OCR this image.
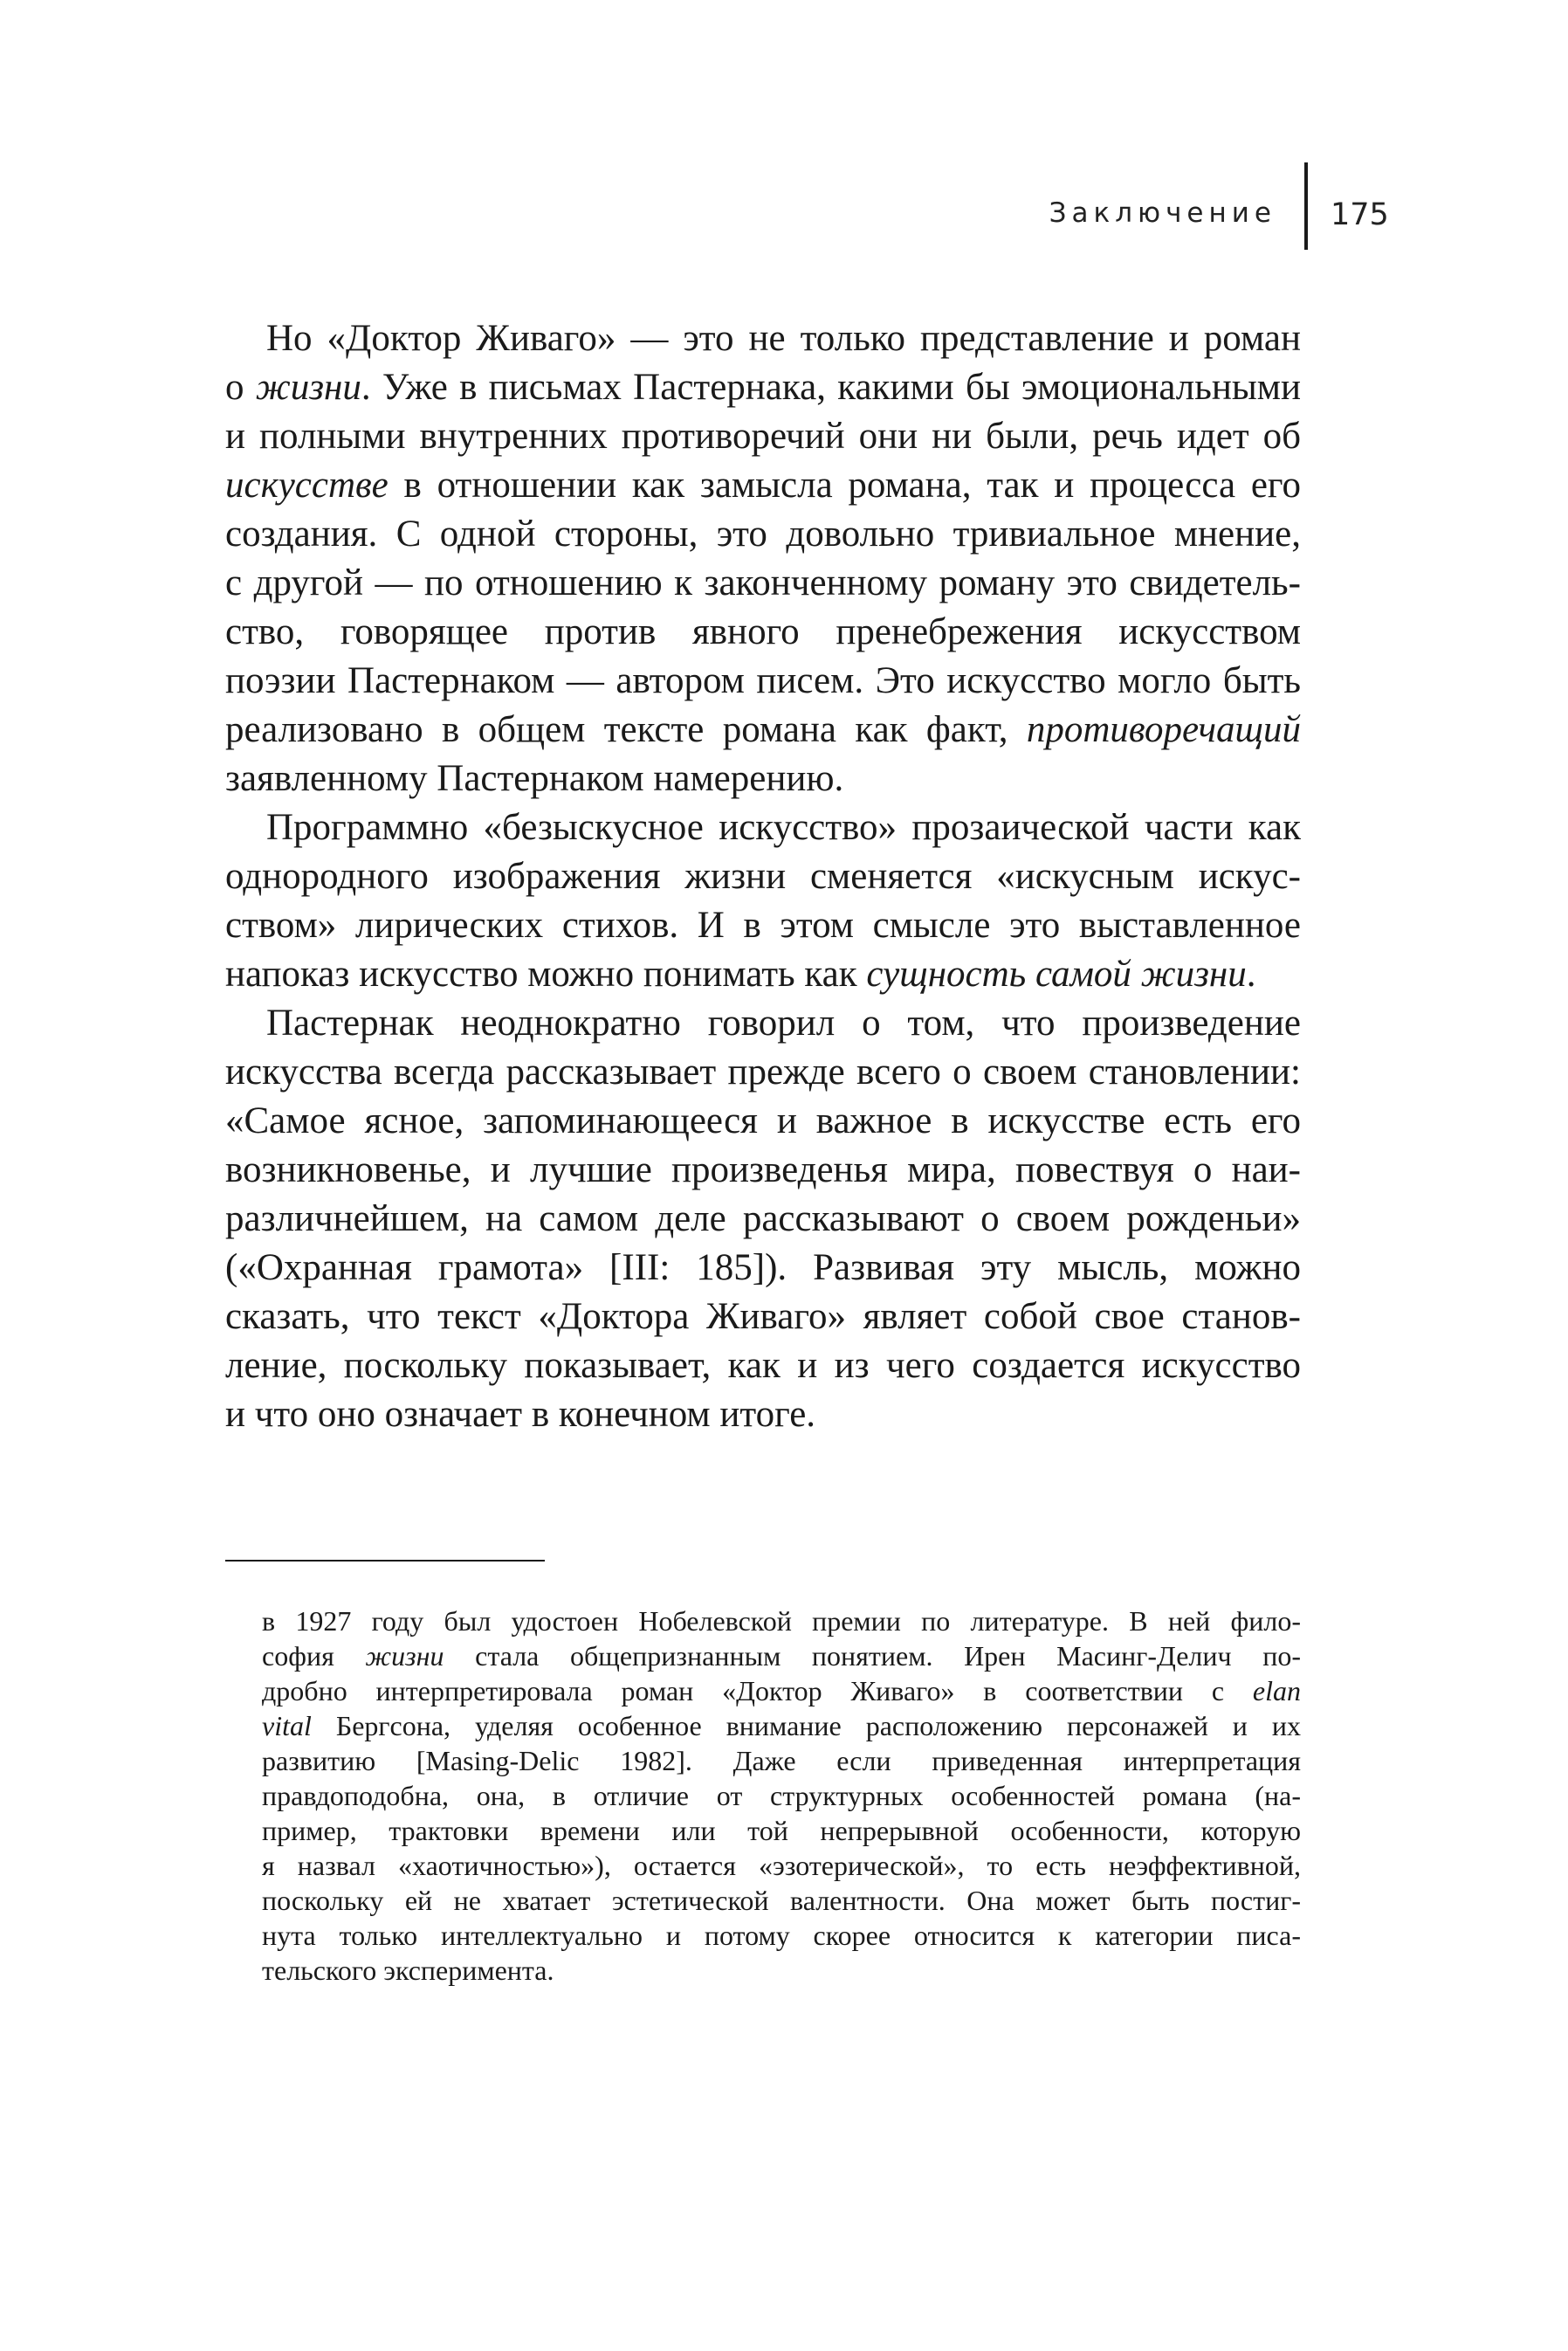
Заключение 175
Но «Доктор Живаго» — это не только представление и роман
о жизни. Уже в письмах Пастернака, какими бы эмоциональными
и полными внутренних противоречий они ни были, речь идет об
искусстве в отношении как замысла романа, так и процесса его
создания. С одной стороны, это довольно тривиальное мнение,
с другой — по отношению к законченному роману это свидетель-
ство, говорящее против явного пренебрежения искусством
поэзии Пастернаком — автором писем. Это искусство могло быть
реализовано в общем тексте романа как факт, противоречащий
заявленному Пастернаком намерению.
Программно «безыскусное искусство» прозаической части как
однородного изображения жизни сменяется «искусным искус-
ством» лирических стихов. И в этом смысле это выставленное
напоказ искусство можно понимать как сущность самой жизни.
Пастернак неоднократно говорил о том, что произведение
искусства всегда рассказывает прежде всего о своем становлении:
«Самое ясное, запоминающееся и важное в искусстве есть его
возникновенье, и лучшие произведенья мира, повествуя о наи-
различнейшем, на самом деле рассказывают о своем рожденьи»
(«Охранная грамота» [III: 185]). Развивая эту мысль, можно
сказать, что текст «Доктора Живаго» являет собой свое станов-
ление, поскольку показывает, как и из чего создается искусство
и что оно означает в конечном итоге.
в 1927 году был удостоен Нобелевской премии по литературе. В ней фило-
софия жизни стала общепризнанным понятием. Ирен Масинг-Делич по-
дробно интерпретировала роман «Доктор Живаго» в соответствии с elan
vital Бергсона, уделяя особенное внимание расположению персонажей и их
развитию [Masing-Delic 1982]. Даже если приведенная интерпретация
правдоподобна, она, в отличие от структурных особенностей романа (на-
пример, трактовки времени или той непрерывной особенности, которую
я назвал «хаотичностью»), остается «эзотерической», то есть неэффективной,
поскольку ей не хватает эстетической валентности. Она может быть постиг-
нута только интеллектуально и потому скорее относится к категории писа-
тельского эксперимента.
